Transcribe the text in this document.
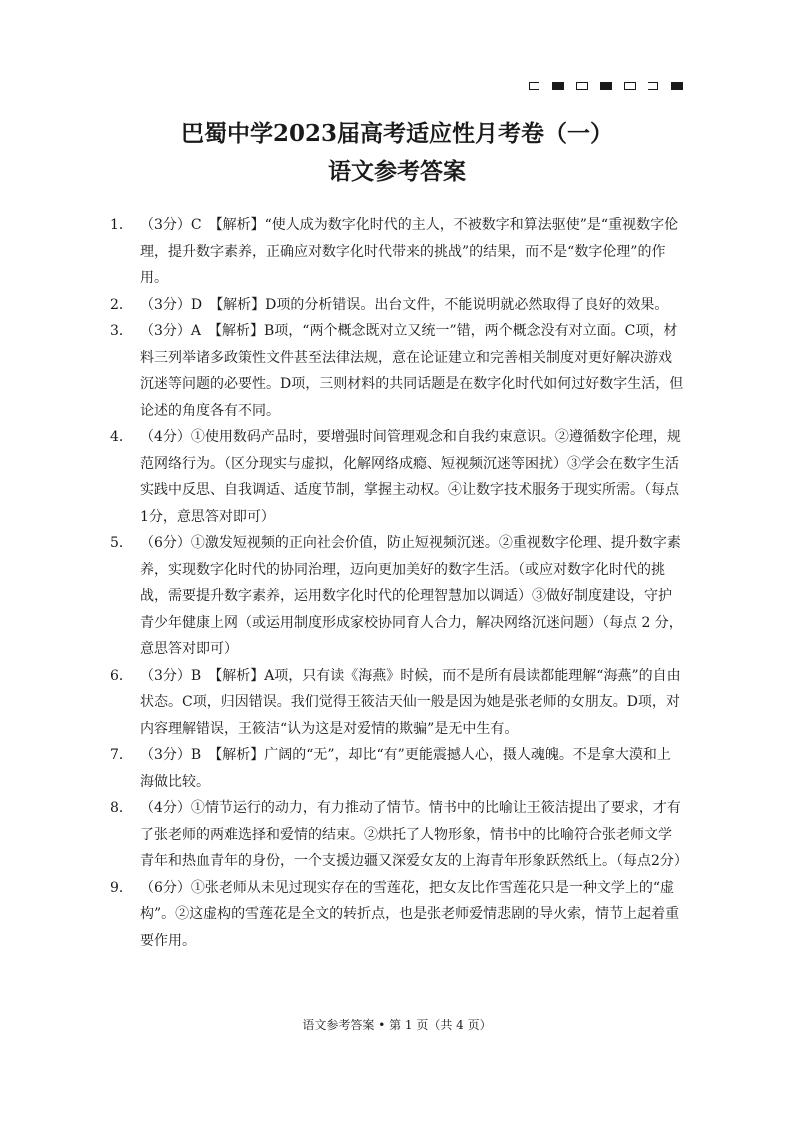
巴蜀中学2023届高考适应性月考卷（一）
语文参考答案
1． （3分）C　【解析】“使人成为数字化时代的主人，不被数字和算法驱使”是“重视数字伦理，提升数字素养，正确应对数字化时代带来的挑战”的结果，而不是“数字伦理”的作用。
2． （3分）D　【解析】D项的分析错误。出台文件，不能说明就必然取得了良好的效果。
3． （3分）A　【解析】B项，“两个概念既对立又统一”错，两个概念没有对立面。C项，材料三列举诸多政策性文件甚至法律法规，意在论证建立和完善相关制度对更好解决游戏沉迷等问题的必要性。D项，三则材料的共同话题是在数字化时代如何过好数字生活，但论述的角度各有不同。
4． （4分）①使用数码产品时，要增强时间管理观念和自我约束意识。②遵循数字伦理，规范网络行为。（区分现实与虚拟，化解网络成瘾、短视频沉迷等困扰）③学会在数字生活实践中反思、自我调适、适度节制，掌握主动权。④让数字技术服务于现实所需。（每点 1分，意思答对即可）
5． （6分）①激发短视频的正向社会价值，防止短视频沉迷。②重视数字伦理、提升数字素养，实现数字化时代的协同治理，迈向更加美好的数字生活。（或应对数字化时代的挑战，需要提升数字素养，运用数字化时代的伦理智慧加以调适）③做好制度建设，守护青少年健康上网（或运用制度形成家校协同育人合力，解决网络沉迷问题）（每点 2 分，意思答对即可）
6． （3分）B　【解析】A项，只有读《海燕》时候，而不是所有晨读都能理解“海燕”的自由状态。C项，归因错误。我们觉得王筱洁天仙一般是因为她是张老师的女朋友。D项，对内容理解错误，王筱洁“认为这是对爱情的欺骗”是无中生有。
7． （3分）B　【解析】广阔的“无”，却比“有”更能震撼人心，摄人魂魄。不是拿大漠和上海做比较。
8． （4分）①情节运行的动力，有力推动了情节。情书中的比喻让王筱洁提出了要求，才有了张老师的两难选择和爱情的结束。②烘托了人物形象，情书中的比喻符合张老师文学青年和热血青年的身份，一个支援边疆又深爱女友的上海青年形象跃然纸上。（每点2分）
9． （6分）①张老师从未见过现实存在的雪莲花，把女友比作雪莲花只是一种文学上的“虚构”。②这虚构的雪莲花是全文的转折点，也是张老师爱情悲剧的导火索，情节上起着重要作用。
语文参考答案 • 第 1 页（共 4 页）
